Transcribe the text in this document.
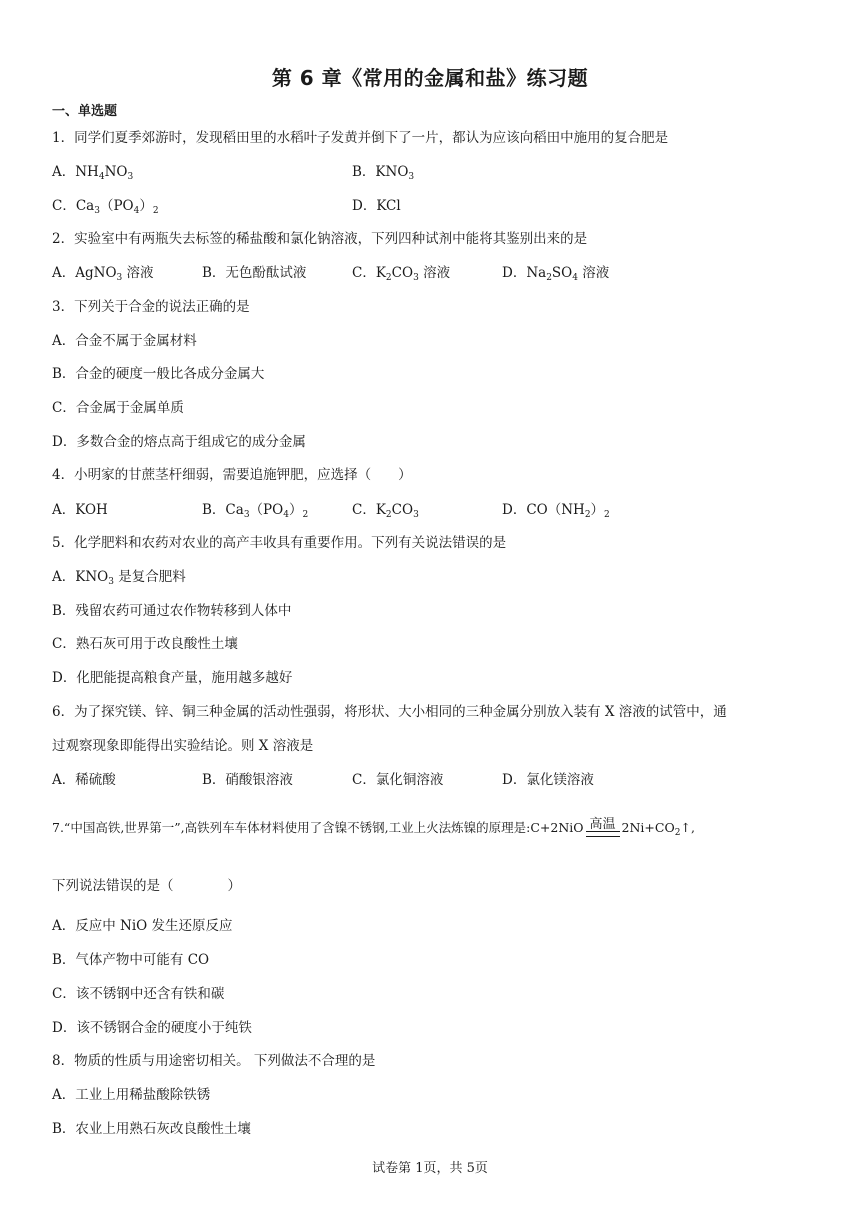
第 6 章《常用的金属和盐》练习题
一、单选题
1．同学们夏季郊游时，发现稻田里的水稻叶子发黄并倒下了一片，都认为应该向稻田中施用的复合肥是
A．$NH_4NO_3$	B．$KNO_3$
C．$Ca_3(PO_4)_2$	D．KCl
2．实验室中有两瓶失去标签的稀盐酸和氯化钠溶液，下列四种试剂中能将其鉴别出来的是
A．AgNO$_3$ 溶液	B．无色酚酞试液	C．$K_2CO_3$ 溶液	D．$Na_2SO_4$ 溶液
3．下列关于合金的说法正确的是
A．合金不属于金属材料
B．合金的硬度一般比各成分金属大
C．合金属于金属单质
D．多数合金的熔点高于组成它的成分金属
4．小明家的甘蔗茎杆细弱，需要追施钾肥，应选择（　　）
A．KOH	B．$Ca_3(PO_4)_2$	C．$K_2CO_3$	D．$CO(NH_2)_2$
5．化学肥料和农药对农业的高产丰收具有重要作用。下列有关说法错误的是
A．$KNO_3$ 是复合肥料
B．残留农药可通过农作物转移到人体中
C．熟石灰可用于改良酸性土壤
D．化肥能提高粮食产量，施用越多越好
6．为了探究镁、锌、铜三种金属的活动性强弱，将形状、大小相同的三种金属分别放入装有 X 溶液的试管中，通
过观察现象即能得出实验结论。则 X 溶液是
A．稀硫酸	B．硝酸银溶液	C．氯化铜溶液	D．氯化镁溶液
7.“中国高铁,世界第一”,高铁列车车体材料使用了含镍不锈钢,工业上火法炼镍的原理是:C+2NiO 高温 $2Ni+CO_2↑$,
下列说法错误的是（　　　　）
A．反应中 NiO 发生还原反应
B．气体产物中可能有 CO
C．该不锈钢中还含有铁和碳
D．该不锈钢合金的硬度小于纯铁
8．物质的性质与用途密切相关。 下列做法不合理的是
A．工业上用稀盐酸除铁锈
B．农业上用熟石灰改良酸性土壤
试卷第 1页，共 5页
